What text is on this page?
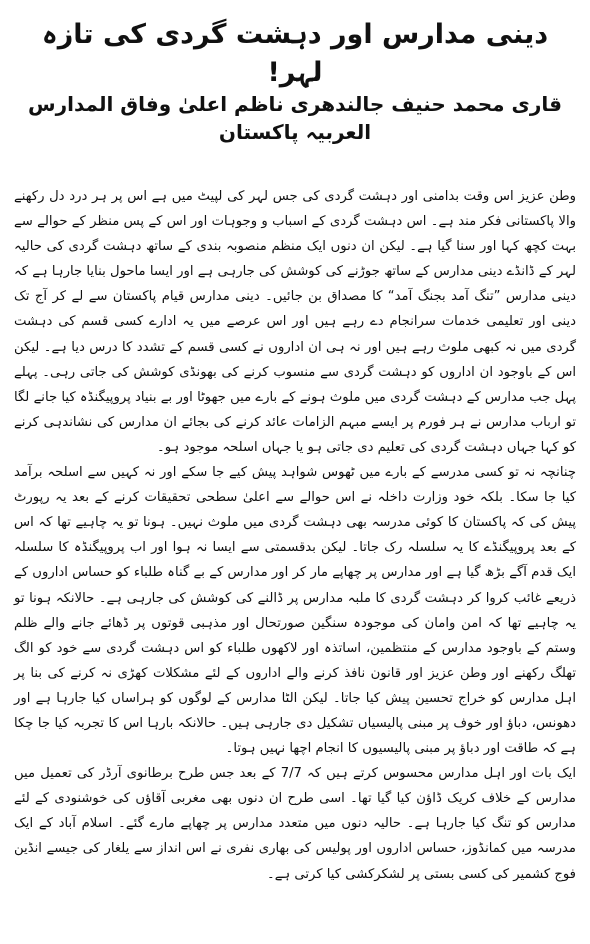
دینی مدارس اور دہشت گردی کی تازہ لہر!
قاری محمد حنیف جالندھری ناظم اعلیٰ وفاق المدارس العربیہ پاکستان

وطن عزیز اس وقت بدامنی اور دہشت گردی کی جس لہر کی لپیٹ میں ہے اس پر ہر درد دل رکھنے والا پاکستانی فکر مند ہے۔ اس دہشت گردی کے اسباب و وجوہات اور اس کے پس منظر کے حوالے سے بہت کچھ کہا اور سنا گیا ہے۔ لیکن ان دنوں ایک منظم منصوبہ بندی کے ساتھ دہشت گردی کی حالیہ لہر کے ڈانڈے دینی مدارس کے ساتھ جوڑنے کی کوشش کی جارہی ہے اور ایسا ماحول بنایا جارہا ہے کہ دینی مدارس ”تنگ آمد بجنگ آمد“ کا مصداق بن جائیں۔ دینی مدارس قیام پاکستان سے لے کر آج تک دینی اور تعلیمی خدمات سرانجام دے رہے ہیں اور اس عرصے میں یہ ادارے کسی قسم کی دہشت گردی میں نہ کبھی ملوث رہے ہیں اور نہ ہی ان اداروں نے کسی قسم کے تشدد کا درس دیا ہے۔ لیکن اس کے باوجود ان اداروں کو دہشت گردی سے منسوب کرنے کی بھونڈی کوشش کی جاتی رہی۔ پہلے پہل جب مدارس کے دہشت گردی میں ملوث ہونے کے بارے میں جھوٹا اور بے بنیاد پروپیگنڈہ کیا جانے لگا تو ارباب مدارس نے ہر فورم پر ایسے مبہم الزامات عائد کرنے کی بجائے ان مدارس کی نشاندہی کرنے کو کہا جہاں دہشت گردی کی تعلیم دی جاتی ہو یا جہاں اسلحہ موجود ہو۔

چنانچہ نہ تو کسی مدرسے کے بارے میں ٹھوس شواہد پیش کیے جا سکے اور نہ کہیں سے اسلحہ برآمد کیا جا سکا۔ بلکہ خود وزارت داخلہ نے اس حوالے سے اعلیٰ سطحی تحقیقات کرنے کے بعد یہ رپورٹ پیش کی کہ پاکستان کا کوئی مدرسہ بھی دہشت گردی میں ملوث نہیں۔ ہونا تو یہ چاہیے تھا کہ اس کے بعد پروپیگنڈے کا یہ سلسلہ رک جاتا۔ لیکن بدقسمتی سے ایسا نہ ہوا اور اب پروپیگنڈہ کا سلسلہ ایک قدم آگے بڑھ گیا ہے اور مدارس پر چھاپے مار کر اور مدارس کے بے گناہ طلباء کو حساس اداروں کے ذریعے غائب کروا کر دہشت گردی کا ملبہ مدارس پر ڈالنے کی کوشش کی جارہی ہے۔ حالانکہ ہونا تو یہ چاہیے تھا کہ امن وامان کی موجودہ سنگین صورتحال اور مذہبی قوتوں پر ڈھائے جانے والے ظلم وستم کے باوجود مدارس کے منتظمین، اساتذہ اور لاکھوں طلباء کو اس دہشت گردی سے خود کو الگ تھلگ رکھنے اور وطن عزیز اور قانون نافذ کرنے والے اداروں کے لئے مشکلات کھڑی نہ کرنے کی بنا پر اہل مدارس کو خراج تحسین پیش کیا جاتا۔ لیکن الٹا مدارس کے لوگوں کو ہراساں کیا جارہا ہے اور دھونس، دباؤ اور خوف پر مبنی پالیسیاں تشکیل دی جارہی ہیں۔ حالانکہ بارہا اس کا تجربہ کیا جا چکا ہے کہ طاقت اور دباؤ پر مبنی پالیسیوں کا انجام اچھا نہیں ہوتا۔

ایک بات اور اہل مدارس محسوس کرتے ہیں کہ 7/7 کے بعد جس طرح برطانوی آرڈر کی تعمیل میں مدارس کے خلاف کریک ڈاؤن کیا گیا تھا۔ اسی طرح ان دنوں بھی مغربی آقاؤں کی خوشنودی کے لئے مدارس کو تنگ کیا جارہا ہے۔ حالیہ دنوں میں متعدد مدارس پر چھاپے مارے گئے۔ اسلام آباد کے ایک مدرسہ میں کمانڈوز، حساس اداروں اور پولیس کی بھاری نفری نے اس انداز سے یلغار کی جیسے انڈین فوج کشمیر کی کسی بستی پر لشکرکشی کیا کرتی ہے۔
